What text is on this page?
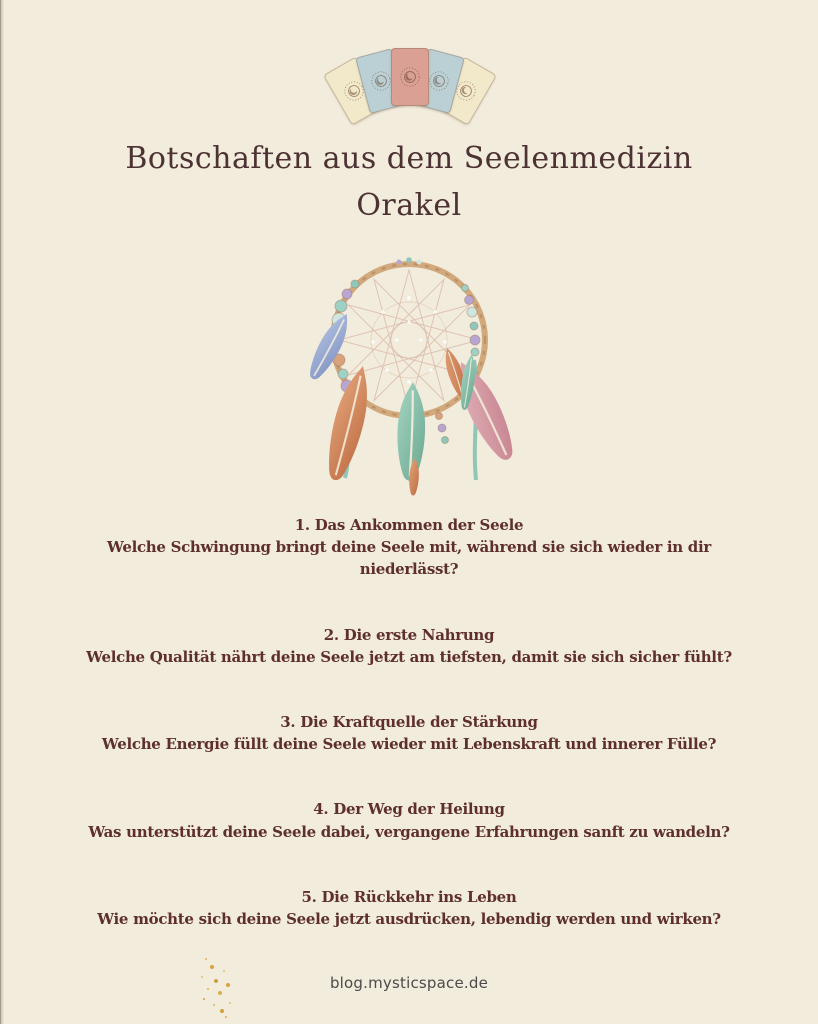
Botschaften aus dem Seelenmedizin Orakel

1. Das Ankommen der Seele

Welche Schwingung bringt deine Seele mit, während sie sich wieder in dir niederlässt?

2. Die erste Nahrung

Welche Qualität nährt deine Seele jetzt am tiefsten, damit sie sich sicher fühlt?

3. Die Kraftquelle der Stärkung

Welche Energie füllt deine Seele wieder mit Lebenskraft und innerer Fülle?

4. Der Weg der Heilung

Was unterstützt deine Seele dabei, vergangene Erfahrungen sanft zu wandeln?

5. Die Rückkehr ins Leben

Wie möchte sich deine Seele jetzt ausdrücken, lebendig werden und wirken?

blog.mysticspace.de
